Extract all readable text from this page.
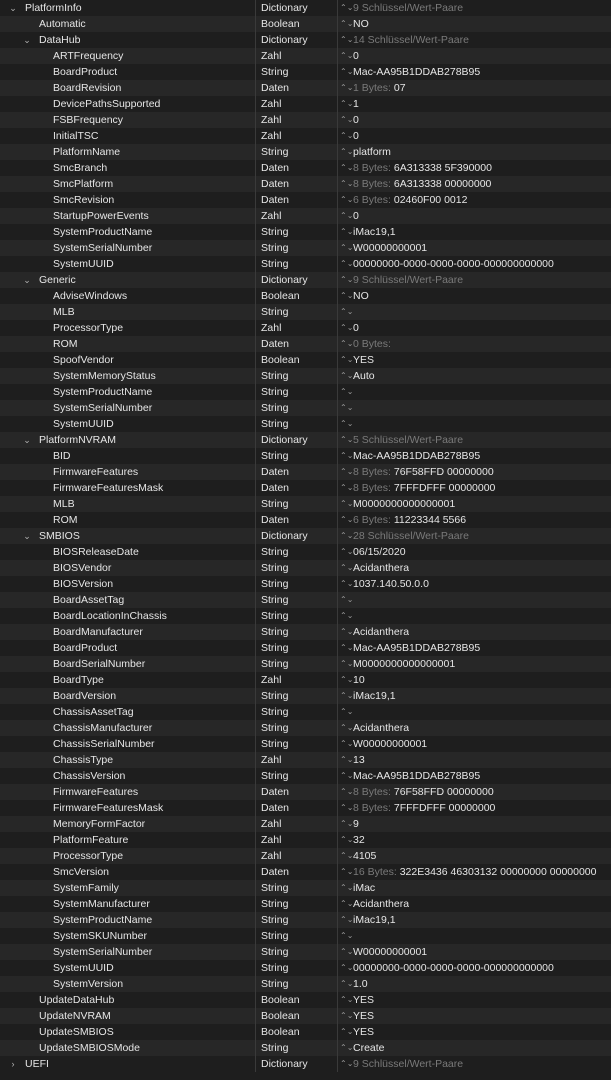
⌄ PlatformInfo	Dictionary	⌃⌄ 9 Schlüssel/Wert-Paare
Automatic	Boolean	⌃⌄ NO
⌄ DataHub	Dictionary	⌃⌄ 14 Schlüssel/Wert-Paare
ARTFrequency	Zahl	⌃⌄ 0
BoardProduct	String	⌃⌄ Mac-AA95B1DDAB278B95
BoardRevision	Daten	⌃⌄ 1 Bytes: 07
DevicePathsSupported	Zahl	⌃⌄ 1
FSBFrequency	Zahl	⌃⌄ 0
InitialTSC	Zahl	⌃⌄ 0
PlatformName	String	⌃⌄ platform
SmcBranch	Daten	⌃⌄ 8 Bytes: 6A313338 5F390000
SmcPlatform	Daten	⌃⌄ 8 Bytes: 6A313338 00000000
SmcRevision	Daten	⌃⌄ 6 Bytes: 02460F00 0012
StartupPowerEvents	Zahl	⌃⌄ 0
SystemProductName	String	⌃⌄ iMac19,1
SystemSerialNumber	String	⌃⌄ W00000000001
SystemUUID	String	⌃⌄ 00000000-0000-0000-0000-000000000000
⌄ Generic	Dictionary	⌃⌄ 9 Schlüssel/Wert-Paare
AdviseWindows	Boolean	⌃⌄ NO
MLB	String	⌃⌄
ProcessorType	Zahl	⌃⌄ 0
ROM	Daten	⌃⌄ 0 Bytes:
SpoofVendor	Boolean	⌃⌄ YES
SystemMemoryStatus	String	⌃⌄ Auto
SystemProductName	String	⌃⌄
SystemSerialNumber	String	⌃⌄
SystemUUID	String	⌃⌄
⌄ PlatformNVRAM	Dictionary	⌃⌄ 5 Schlüssel/Wert-Paare
BID	String	⌃⌄ Mac-AA95B1DDAB278B95
FirmwareFeatures	Daten	⌃⌄ 8 Bytes: 76F58FFD 00000000
FirmwareFeaturesMask	Daten	⌃⌄ 8 Bytes: 7FFFDFFF 00000000
MLB	String	⌃⌄ M0000000000000001
ROM	Daten	⌃⌄ 6 Bytes: 11223344 5566
⌄ SMBIOS	Dictionary	⌃⌄ 28 Schlüssel/Wert-Paare
BIOSReleaseDate	String	⌃⌄ 06/15/2020
BIOSVendor	String	⌃⌄ Acidanthera
BIOSVersion	String	⌃⌄ 1037.140.50.0.0
BoardAssetTag	String	⌃⌄
BoardLocationInChassis	String	⌃⌄
BoardManufacturer	String	⌃⌄ Acidanthera
BoardProduct	String	⌃⌄ Mac-AA95B1DDAB278B95
BoardSerialNumber	String	⌃⌄ M0000000000000001
BoardType	Zahl	⌃⌄ 10
BoardVersion	String	⌃⌄ iMac19,1
ChassisAssetTag	String	⌃⌄
ChassisManufacturer	String	⌃⌄ Acidanthera
ChassisSerialNumber	String	⌃⌄ W00000000001
ChassisType	Zahl	⌃⌄ 13
ChassisVersion	String	⌃⌄ Mac-AA95B1DDAB278B95
FirmwareFeatures	Daten	⌃⌄ 8 Bytes: 76F58FFD 00000000
FirmwareFeaturesMask	Daten	⌃⌄ 8 Bytes: 7FFFDFFF 00000000
MemoryFormFactor	Zahl	⌃⌄ 9
PlatformFeature	Zahl	⌃⌄ 32
ProcessorType	Zahl	⌃⌄ 4105
SmcVersion	Daten	⌃⌄ 16 Bytes: 322E3436 46303132 00000000 00000000
SystemFamily	String	⌃⌄ iMac
SystemManufacturer	String	⌃⌄ Acidanthera
SystemProductName	String	⌃⌄ iMac19,1
SystemSKUNumber	String	⌃⌄
SystemSerialNumber	String	⌃⌄ W00000000001
SystemUUID	String	⌃⌄ 00000000-0000-0000-0000-000000000000
SystemVersion	String	⌃⌄ 1.0
UpdateDataHub	Boolean	⌃⌄ YES
UpdateNVRAM	Boolean	⌃⌄ YES
UpdateSMBIOS	Boolean	⌃⌄ YES
UpdateSMBIOSMode	String	⌃⌄ Create
›	UEFI	Dictionary	⌃⌄ 9 Schlüssel/Wert-Paare
